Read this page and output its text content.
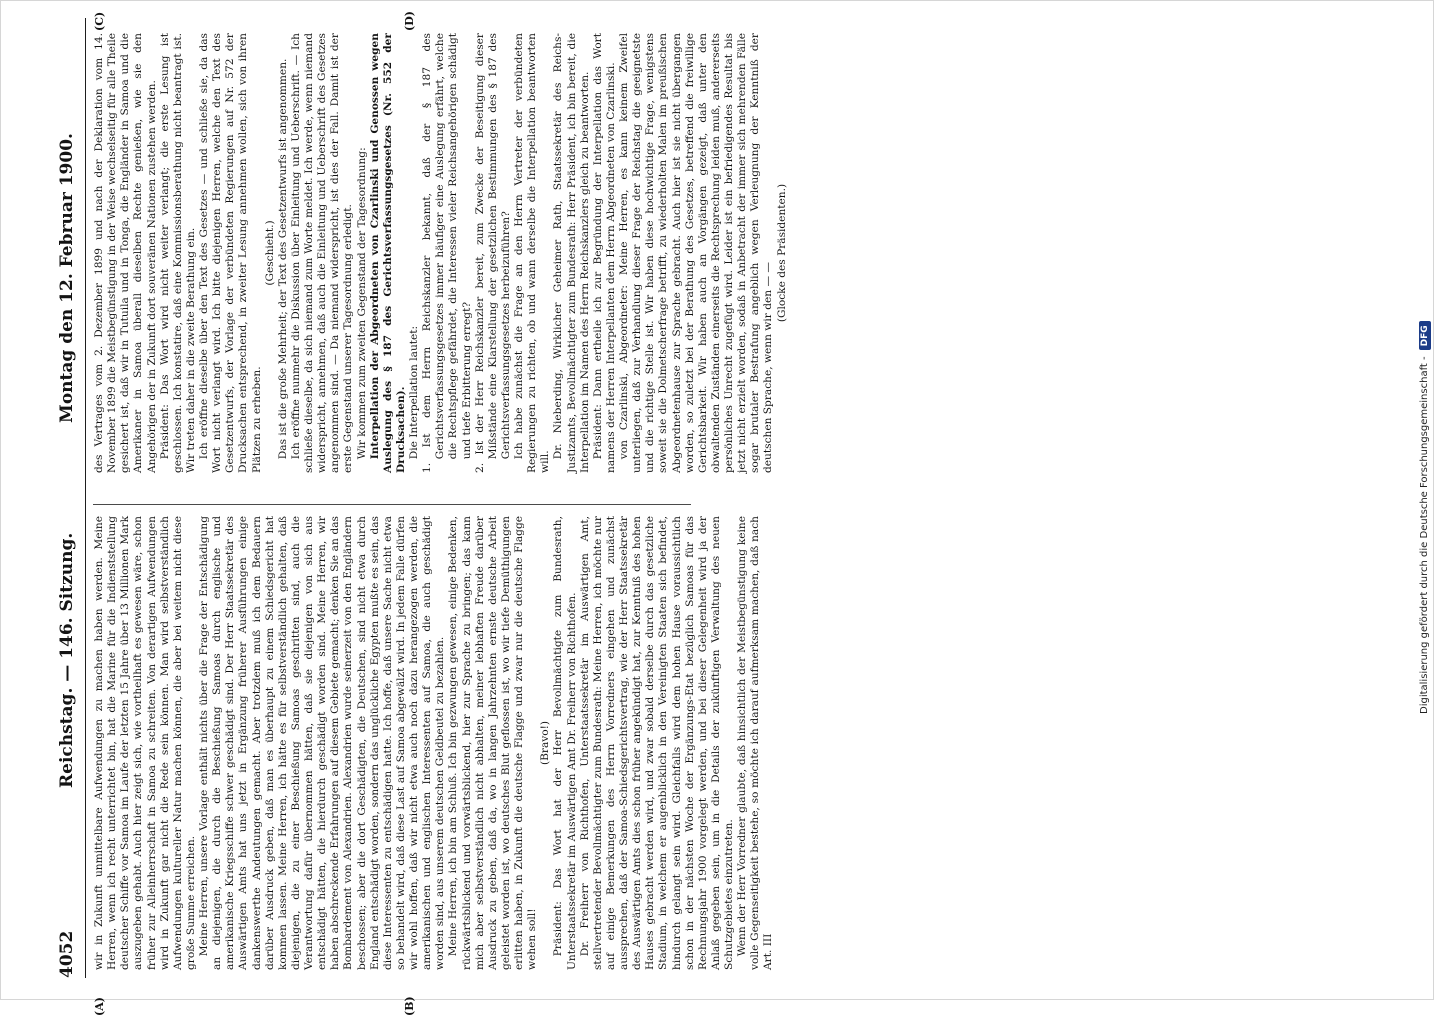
4052
Reichstag. — 146. Sitzung.
Montag den 12. Februar 1900.
(A)	(B)
(C)	(D)

wir in Zukunft unmittelbare Aufwendungen zu machen haben werden. Meine Herren, wenn ich recht unterrichtet bin, hat die Marine für die Indienststellung deutscher Schiffe vor Samoa im Laufe der letzten 15 Jahre über 13 Millionen Mark auszugeben gehabt. Auch hier zeigt sich, wie vortheilhaft es gewesen wäre, schon früher zur Alleinherrschaft in Samoa zu schreiten. Von derartigen Aufwendungen wird in Zukunft gar nicht die Rede sein können. Man wird selbstverständlich Aufwendungen kultureller Natur machen können, die aber bei weitem nicht diese große Summe erreichen. Meine Herren, unsere Vorlage enthält nichts über die Frage der Entschädigung an diejenigen, die durch die Beschießung Samoas durch englische und amerikanische Kriegsschiffe schwer geschädigt sind. Der Herr Staatssekretär des Auswärtigen Amts hat uns jetzt in Ergänzung früherer Ausführungen einige dankenswerthe Andeutungen gemacht. Aber trotzdem muß ich dem Bedauern darüber Ausdruck geben, daß man es überhaupt zu einem Schiedsgericht hat kommen lassen. Meine Herren, ich hätte es für selbstverständlich gehalten, daß diejenigen, die zu einer Beschießung Samoas geschritten sind, auch die Verantwortung dafür übernommen hätten, daß sie diejenigen von sich aus entschädigt hätten, die hierdurch geschädigt worden sind. Meine Herren, wir haben abschreckende Erfahrungen auf diesem Gebiete gemacht; denken Sie an das Bombardement von Alexandrien. Alexandrien wurde seinerzeit von den Engländern beschossen; aber die dort Geschädigten, die Deutschen, sind nicht etwa durch England entschädigt worden, sondern das unglückliche Egypten mußte es sein, das diese Interessenten zu entschädigen hatte. Ich hoffe, daß unsere Sache nicht etwa so behandelt wird, daß diese Last auf Samoa abgewälzt wird. In jedem Falle dürfen wir wohl hoffen, daß wir nicht etwa auch noch dazu herangezogen werden, die amerikanischen und englischen Interessenten auf Samoa, die auch geschädigt worden sind, aus unserem deutschen Geldbeutel zu bezahlen. Meine Herren, ich bin am Schluß. Ich bin gezwungen gewesen, einige Bedenken, rückwärtsblickend und vorwärtsblickend, hier zur Sprache zu bringen; das kann mich aber selbstverständlich nicht abhalten, meiner lebhaften Freude darüber Ausdruck zu geben, daß da, wo in langen Jahrzehnten ernste deutsche Arbeit geleistet worden ist, wo deutsches Blut geflossen ist, wo wir tiefe Demüthigungen erlitten haben, in Zukunft die deutsche Flagge und zwar nur die deutsche Flagge wehen soll!

(Bravo!) Präsident: Das Wort hat der Herr Bevollmächtigte zum Bundesrath, Unterstaatssekretär im Auswärtigen Amt Dr. Freiherr von Richthofen. Dr. Freiherr von Richthofen, Unterstaatssekretär im Auswärtigen Amt, stellvertretender Bevollmächtigter zum Bundesrath: Meine Herren, ich möchte nur auf einige Bemerkungen des Herrn Vorredners eingehen und zunächst aussprechen, daß der Samoa-Schiedsgerichtsvertrag, wie der Herr Staatssekretär des Auswärtigen Amts dies schon früher angekündigt hat, zur Kenntniß des hohen Hauses gebracht werden wird, und zwar sobald derselbe durch das gesetzliche Stadium, in welchem er augenblicklich in den Vereinigten Staaten sich befindet, hindurch gelangt sein wird. Gleichfalls wird dem hohen Hause voraussichtlich schon in der nächsten Woche der Ergänzungs-Etat bezüglich Samoas für das Rechnungsjahr 1900 vorgelegt werden, und bei dieser Gelegenheit wird ja der Anlaß gegeben sein, um in die Details der zukünftigen Verwaltung des neuen Schutzgebietes einzutreten. Wenn der Herr Vorredner glaubte, daß hinsichtlich der Meistbegünstigung keine volle Gegenseitigkeit bestehe, so möchte ich darauf aufmerksam machen, daß nach Art. III

des Vertrages vom 2. Dezember 1899 und nach der Deklaration vom 14. November 1899 die Meistbegünstigung in der Weise wechselseitig für alle Theile gesichert ist, daß wir in Tutuila und in Tonga, die Engländer in Samoa und die Amerikaner in Samoa überall dieselben Rechte genießen, wie sie den Angehörigen der in Zukunft dort souveränen Nationen zustehen werden. Präsident: Das Wort wird nicht weiter verlangt; die erste Lesung ist geschlossen. Ich konstatire, daß eine Kommissionsberathung nicht beantragt ist. Wir treten daher in die zweite Berathung ein. Ich eröffne dieselbe über den Text des Gesetzes — und schließe sie, da das Wort nicht verlangt wird. Ich bitte diejenigen Herren, welche den Text des Gesetzentwurfs, der Vorlage der verbündeten Regierungen auf Nr. 572 der Drucksachen entsprechend, in zweiter Lesung annehmen wollen, sich von ihren Plätzen zu erheben.

(Geschieht.) Das ist die große Mehrheit; der Text des Gesetzentwurfs ist angenommen. Ich eröffne nunmehr die Diskussion über Einleitung und Ueberschrift. — Ich schließe dieselbe, da sich niemand zum Worte meldet. Ich werde, wenn niemand widerspricht, annehmen, daß auch die Einleitung und Ueberschrift des Gesetzes angenommen sind. — Da niemand widerspricht, ist dies der Fall. Damit ist der erste Gegenstand unserer Tagesordnung erledigt. Wir kommen zum zweiten Gegenstand der Tagesordnung: Interpellation der Abgeordneten von Czarlinski und Genossen wegen Auslegung des § 187 des Gerichtsverfassungsgesetzes (Nr. 552 der Drucksachen). Die Interpellation lautet: 1. Ist dem Herrn Reichskanzler bekannt, daß der § 187 des Gerichtsverfassungsgesetzes immer häufiger eine Auslegung erfährt, welche die Rechtspflege gefährdet, die Interessen vieler Reichsangehörigen schädigt und tiefe Erbitterung erregt? 2. Ist der Herr Reichskanzler bereit, zum Zwecke der Beseitigung dieser Mißstände eine Klarstellung der gesetzlichen Bestimmungen des § 187 des Gerichtsverfassungsgesetzes herbeizuführen? Ich habe zunächst die Frage an den Herrn Vertreter der verbündeten Regierungen zu richten, ob und wann derselbe die Interpellation beantworten will.

Dr. Nieberding, Wirklicher Geheimer Rath, Staatssekretär des Reichs-Justizamts, Bevollmächtigter zum Bundesrath: Herr Präsident, ich bin bereit, die Interpellation im Namen des Herrn Reichskanzlers gleich zu beantworten. Präsident: Dann ertheile ich zur Begründung der Interpellation das Wort namens der Herren Interpellanten dem Herrn Abgeordneten von Czarlinski. von Czarlinski, Abgeordneter: Meine Herren, es kann keinem Zweifel unterliegen, daß zur Verhandlung dieser Frage der Reichstag die geeignetste und die richtige Stelle ist. Wir haben diese hochwichtige Frage, wenigstens soweit sie die Dolmetscherfrage betrifft, zu wiederholten Malen im preußischen Abgeordnetenhause zur Sprache gebracht. Auch hier ist sie nicht übergangen worden, so zuletzt bei der Berathung des Gesetzes, betreffend die freiwillige Gerichtsbarkeit. Wir haben auch an Vorgängen gezeigt, daß unter den obwaltenden Zuständen einerseits die Rechtsprechung leiden muß, andererseits persönliches Unrecht zugefügt wird. Leider ist ein befriedigendes Resultat bis jetzt nicht erzielt worden, sodaß in Anbetracht der immer sich mehrenden Fälle sogar brutaler Bestrafung angeblich wegen Verleugnung der Kenntniß der deutschen Sprache, wenn wir den — —

(Glocke des Präsidenten.)

Digitalisierung gefördert durch die Deutsche Forschungsgemeinschaft -DFG
